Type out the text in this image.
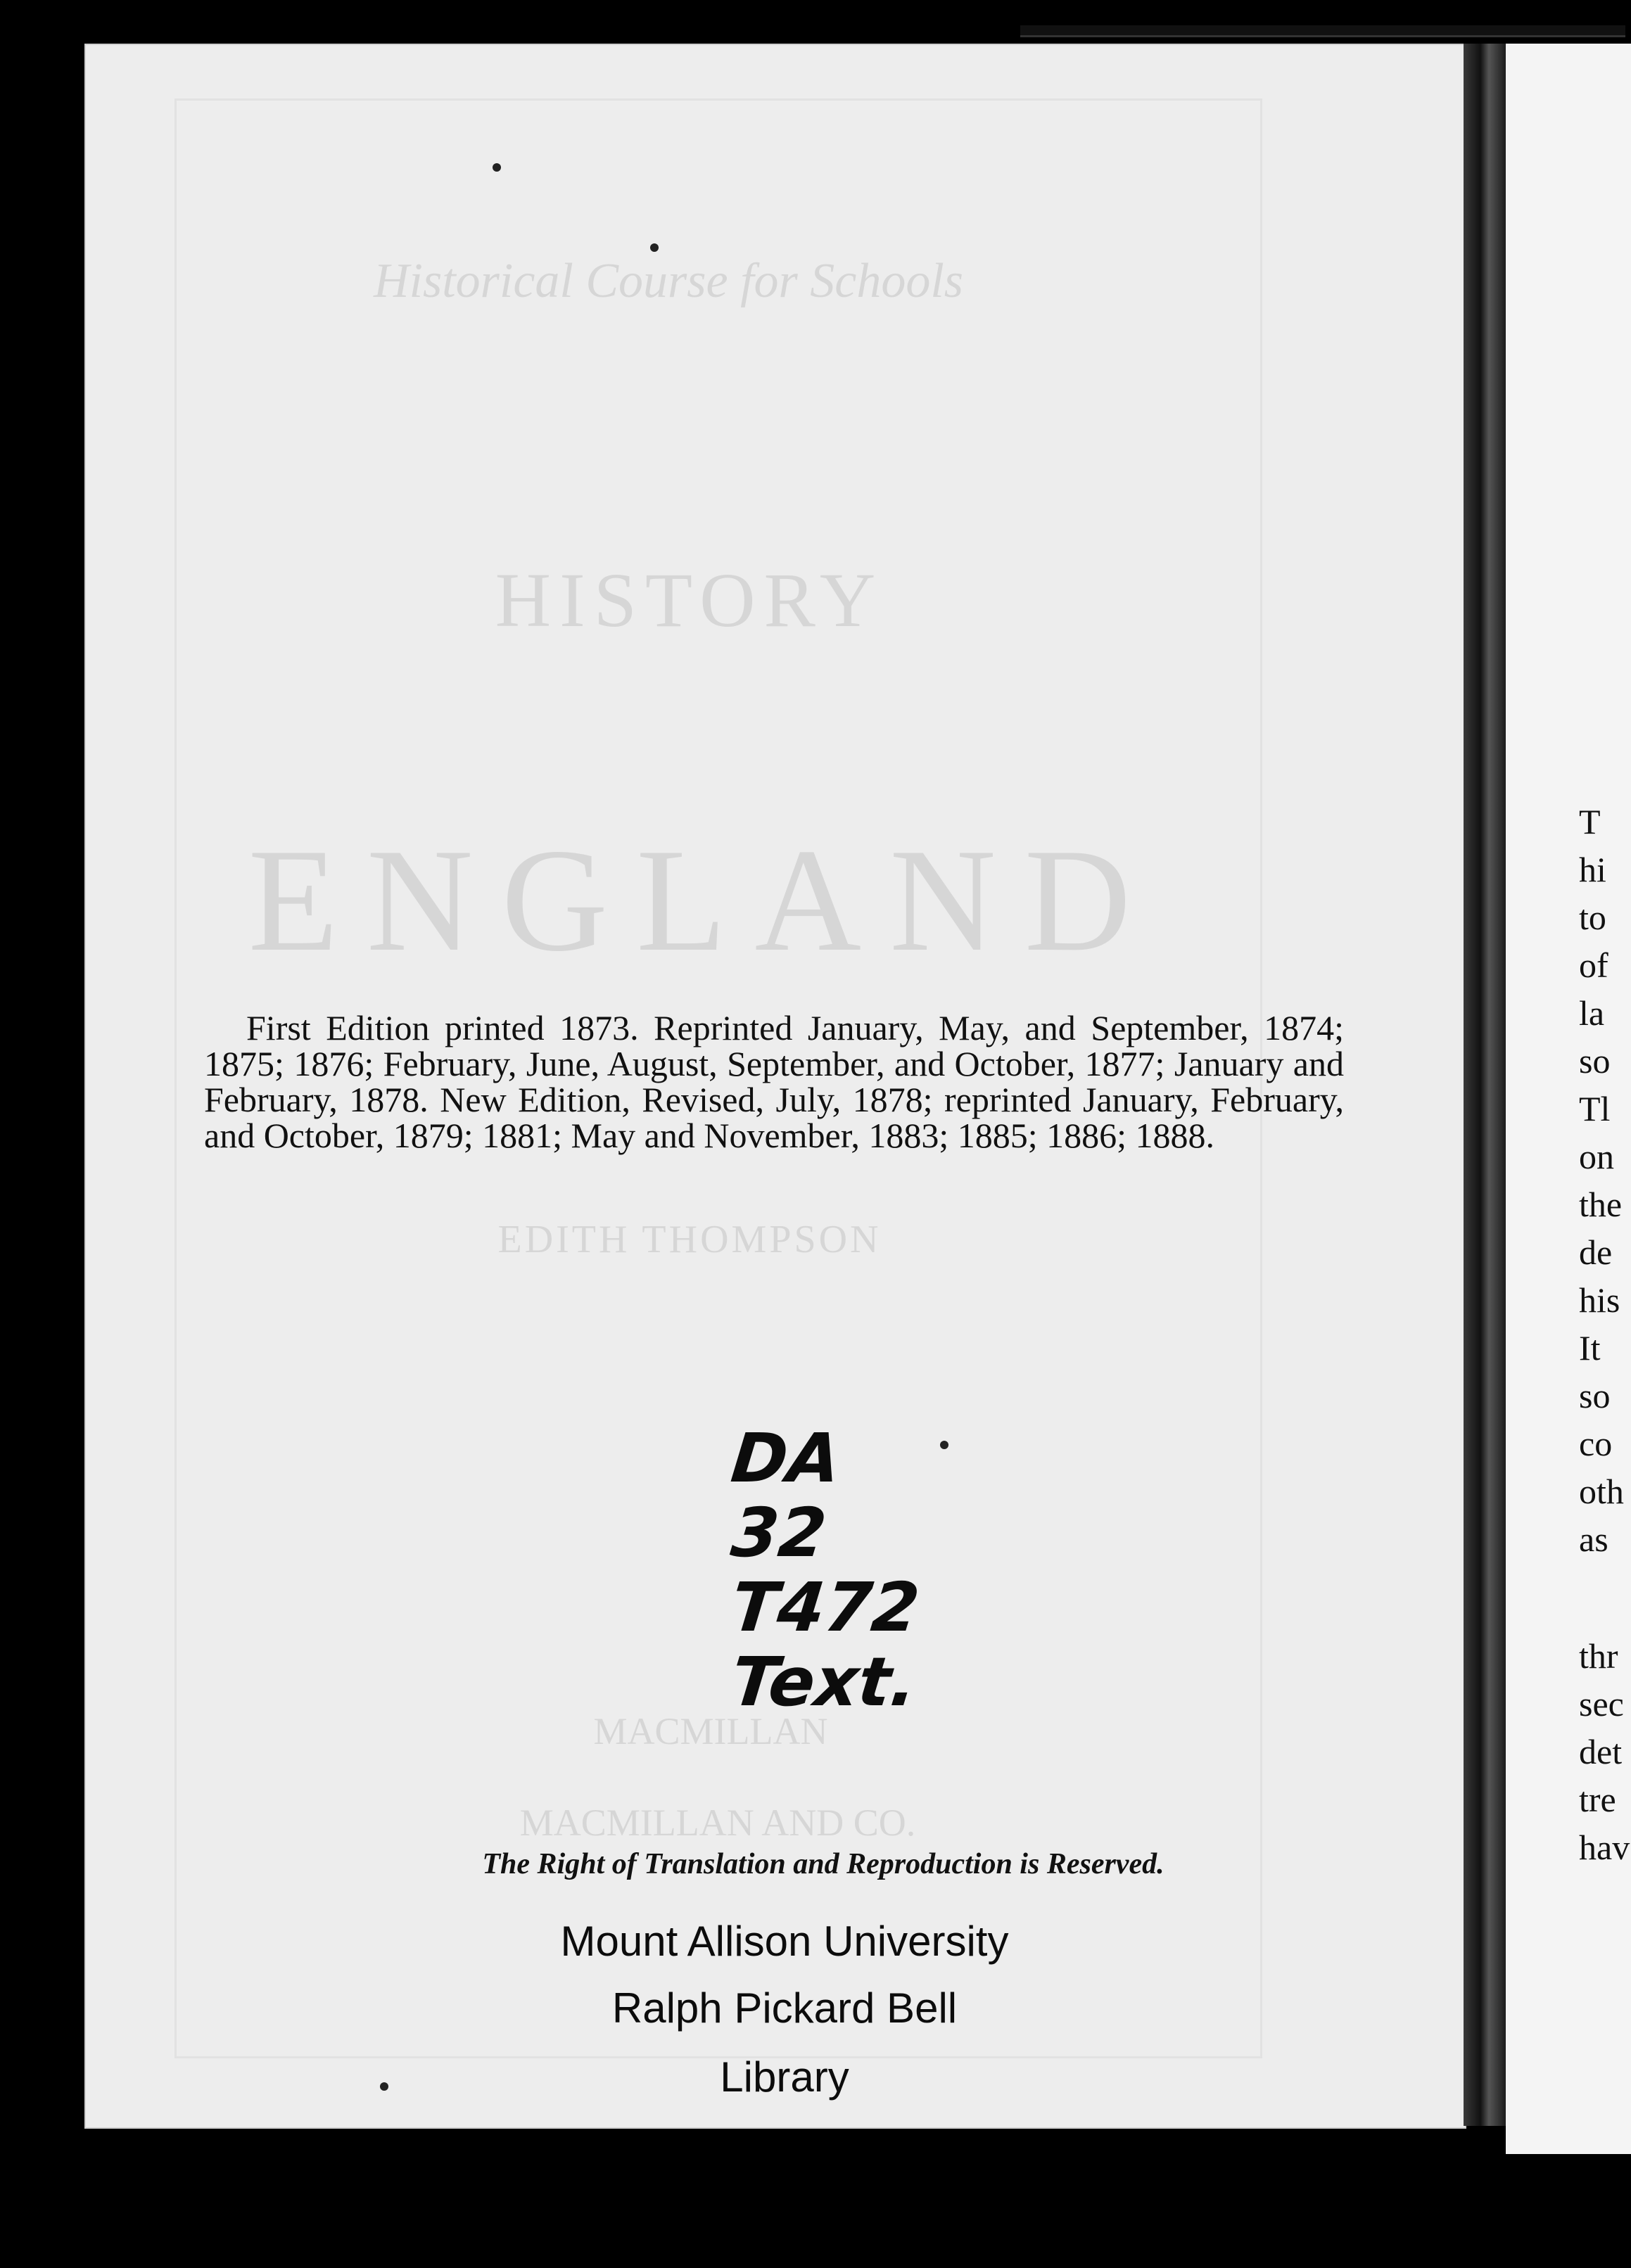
Historical Course for Schools
HISTORY
ENGLAND
EDITH THOMPSON
MACMILLAN
MACMILLAN AND CO.

First Edition printed 1873. Reprinted January, May, and September, 1874; 1875; 1876; February, June, August, September, and October, 1877; January and February, 1878. New Edition, Revised, July, 1878; reprinted January, February, and October, 1879; 1881; May and November, 1883; 1885; 1886; 1888.

DA
32
T472
Text.
The Right of Translation and Reproduction is Reserved.
Mount Allison University
Ralph Pickard Bell
Library
T
hi
to
of
la
so
Tl
on
the
de
his
It
so
co
oth
as
thr
sec
det
tre
hav
